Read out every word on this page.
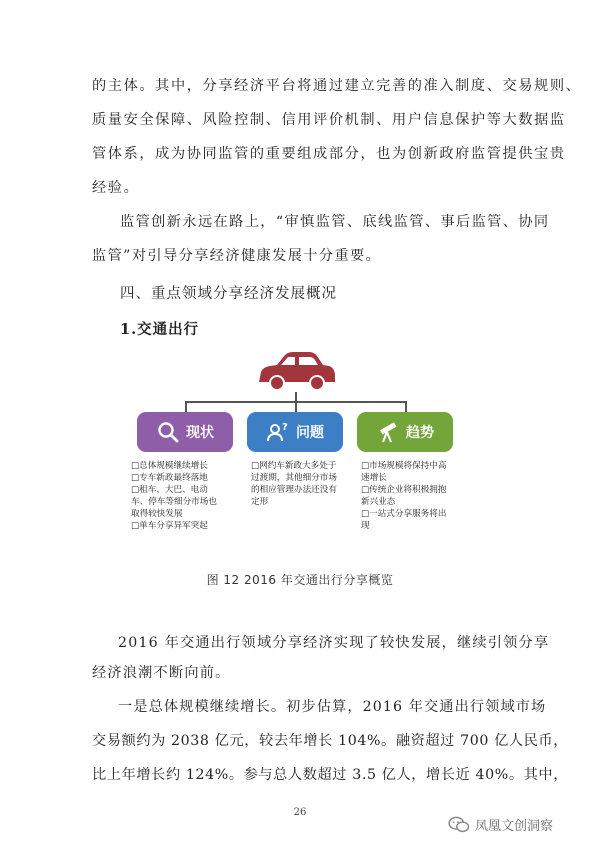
的主体。其中，分享经济平台将通过建立完善的准入制度、交易规则、
质量安全保障、风险控制、信用评价机制、用户信息保护等大数据监
管体系，成为协同监管的重要组成部分，也为创新政府监管提供宝贵
经验。
监管创新永远在路上，“审慎监管、底线监管、事后监管、协同
监管”对引导分享经济健康发展十分重要。
四、重点领域分享经济发展概况
1.交通出行
现状	? 问题	趋势
□总体规模继续增长
□专车新政最终落地
□租车、大巴、电动
车、停车等细分市场也
取得较快发展
□单车分享异军突起
□网约车新政大多处于
过渡期，其他细分市场
的相应管理办法还没有
定形
□市场规模将保持中高
速增长
□传统企业将积极拥抱
新兴业态
□一站式分享服务将出
现
图 12 2016 年交通出行分享概览
2016 年交通出行领域分享经济实现了较快发展，继续引领分享
经济浪潮不断向前。
一是总体规模继续增长。初步估算，2016 年交通出行领域市场
交易额约为 2038 亿元，较去年增长 104%。融资超过 700 亿人民币，
比上年增长约 124%。参与总人数超过 3.5 亿人，增长近 40%。其中，
26
凤凰文创洞察
